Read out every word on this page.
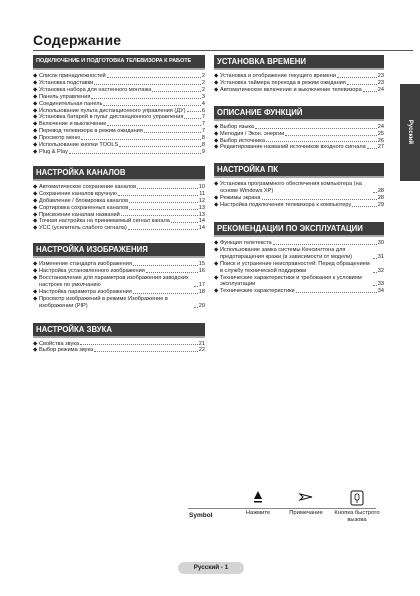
Содержание
ПОДКЛЮЧЕНИЕ И ПОДГОТОВКА ТЕЛЕВИЗОРА К РАБОТЕ
◆ Список принадлежностей	2
◆ Установка подставки	2
◆ Установка набора для настенного монтажа	2
◆ Панель управления	3
◆ Соединительная панель	4
◆ Использование пульта дистанционного управления (ДУ)	6
◆ Установка батарей в пульт дистанционного управления	7
◆ Включение и выключение	7
◆ Перевод телевизора в режим ожидания	7
◆ Просмотр меню	8
◆ Использование кнопки TOOLS	8
◆ Plug & Play	9
НАСТРОЙКА КАНАЛОВ
◆ Автоматическое сохранение каналов	10
◆ Сохранение каналов вручную	11
◆ Добавление / блокировка каналов	12
◆ Сортировка сохраненных каналов	13
◆ Присвоение каналам названий	13
◆ Точная настройка на принимаемый сигнал канала	14
◆ УСС (усилитель слабого сигнала)	14
НАСТРОЙКА ИЗОБРАЖЕНИЯ
◆ Изменение стандарта изображения	15
◆ Настройка установленного изображения	16
◆ Восстановление для параметров изображения заводских настроек по умолчанию	17
◆ Настройка параметра изображения	18
◆ Просмотр изображений в режиме Изображение в изображении (PIP)	20
НАСТРОЙКА ЗВУКА
◆ Свойства звука	21
◆ Выбор режима звука	22
УСТАНОВКА ВРЕМЕНИ
◆ Установка и отображение текущего времени	23
◆ Установка таймера перехода в режим ожидания	23
◆ Автоматическое включение и выключение телевизора	24
ОПИСАНИЕ ФУНКЦИЙ
◆ Выбор языка	24
◆ Мелодия / Экон. энергии	25
◆ Выбор источника	26
◆ Редактирование названий источников входного сигнала 27
НАСТРОЙКА ПК
◆ Установка программного обеспечения компьютера (на основе Windows XP)	28
◆ Режимы экрана	28
◆ Настройка подключения телевизора к компьютеру	29
РЕКОМЕНДАЦИИ ПО ЭКСПЛУАТАЦИИ
◆ Функция телетекста	30
◆ Использование замка системы Кенсингтона для предотвращения кражи (в зависимости от модели)	31
◆ Поиск и устранение неисправностей: Перед обращением в службу технической поддержки	32
◆ Технические характеристики и требования к условиям эксплуатации	33
◆ Технические характеристики	34
Русский
Symbol	Нажмите	Примечание	Кнопка быстрого вызова
Русский - 1
